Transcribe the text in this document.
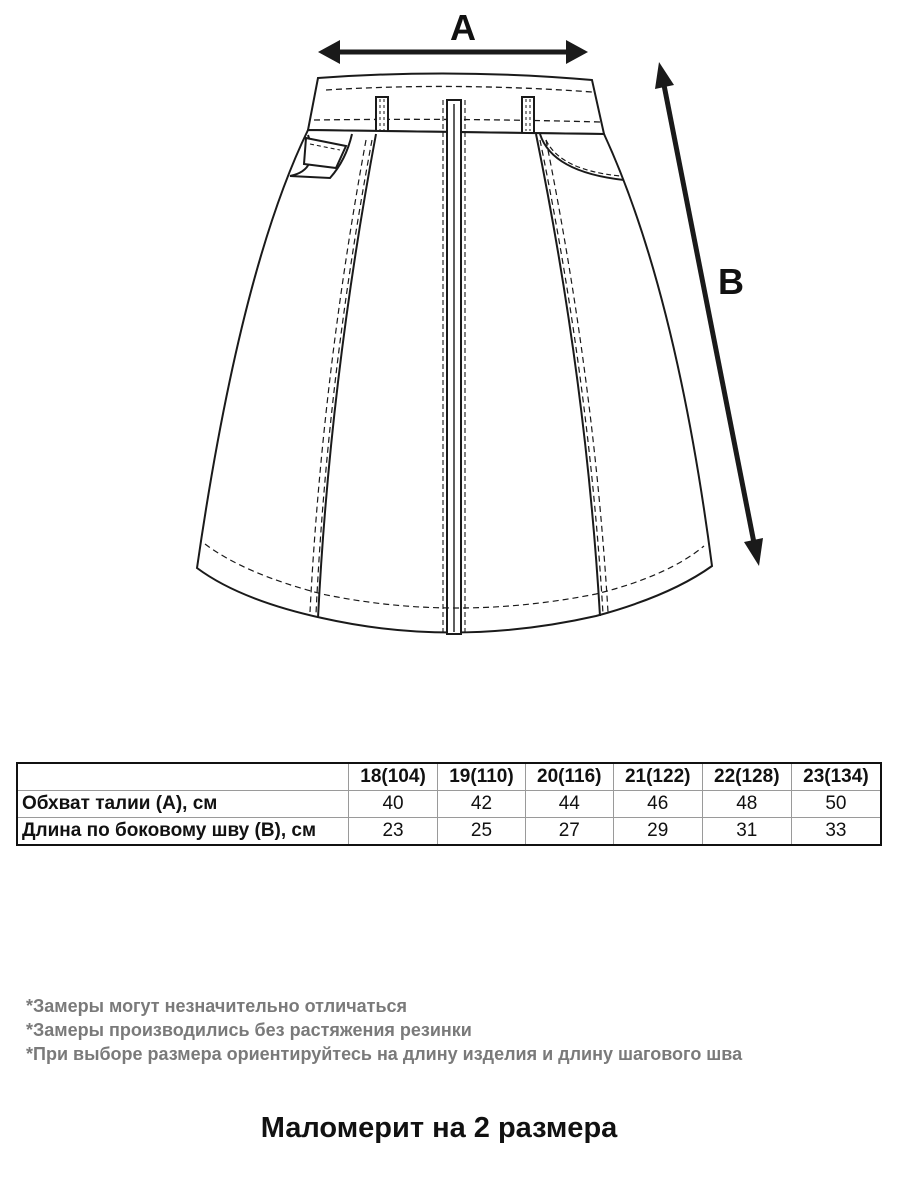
A
B
	18(104)	19(110)	20(116)	21(122)	22(128)	23(134)
Обхват талии (A), см	40	42	44	46	48	50
Длина по боковому шву (B), см	23	25	27	29	31	33
*Замеры могут незначительно отличаться
*Замеры производились без растяжения резинки
*При выборе размера ориентируйтесь на длину изделия и длину шагового шва
Маломерит на 2 размера
